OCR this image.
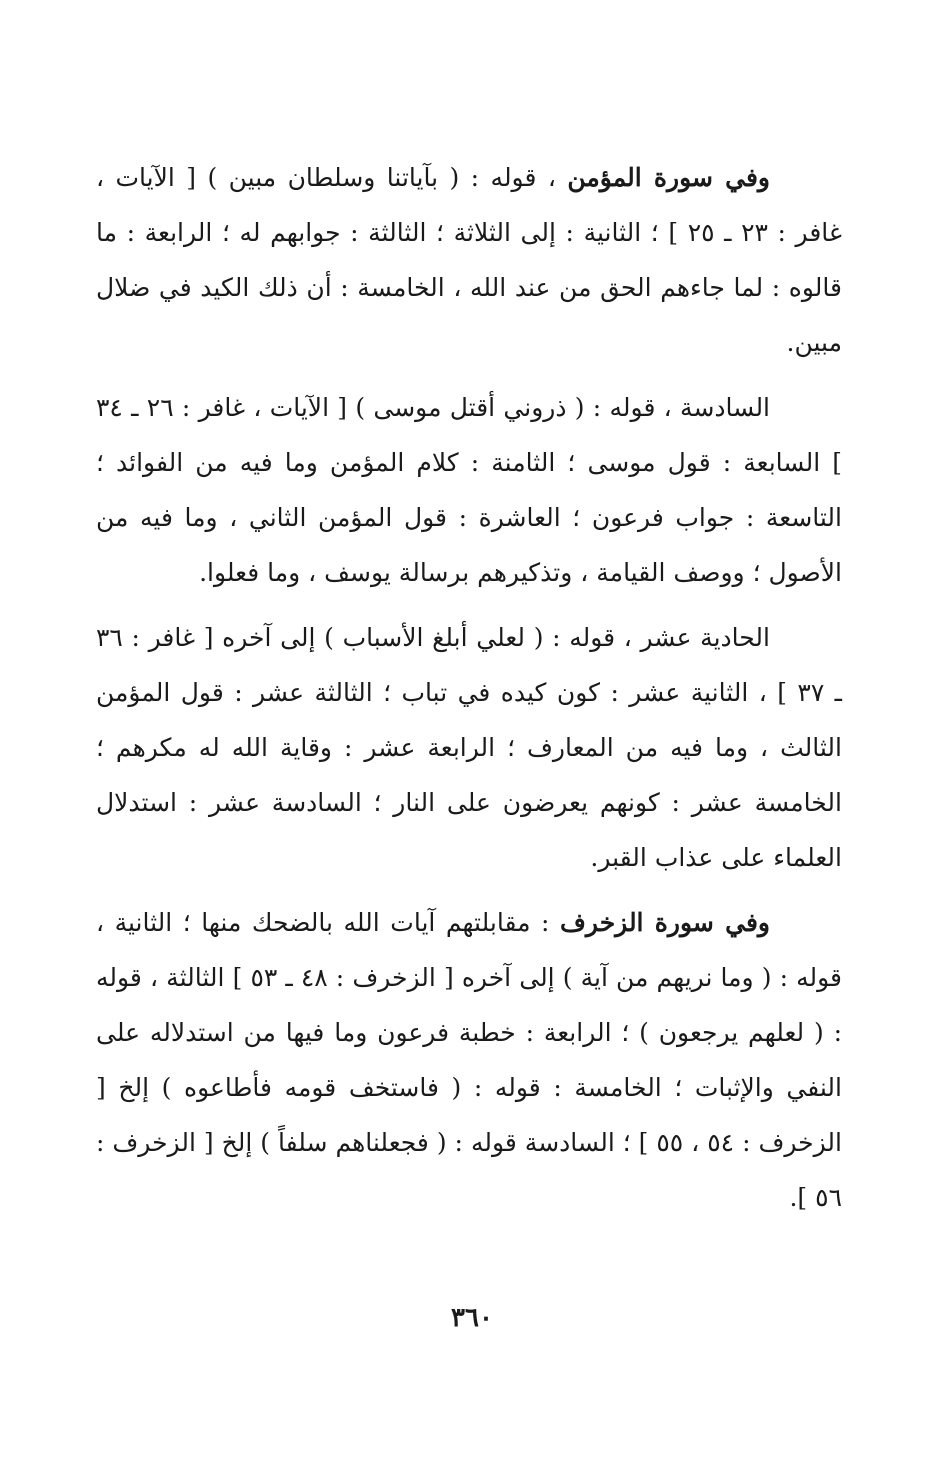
وفي سورة المؤمن ، قوله : ( بآياتنا وسلطان مبين ) [ الآيات ، غافر : ٢٣ ـ ٢٥ ] ؛ الثانية : إلى الثلاثة ؛ الثالثة : جوابهم له ؛ الرابعة : ما قالوه : لما جاءهم الحق من عند الله ، الخامسة : أن ذلك الكيد في ضلال مبين.

السادسة ، قوله : ( ذروني أقتل موسى ) [ الآيات ، غافر : ٢٦ ـ ٣٤ ] السابعة : قول موسى ؛ الثامنة : كلام المؤمن وما فيه من الفوائد ؛ التاسعة : جواب فرعون ؛ العاشرة : قول المؤمن الثاني ، وما فيه من الأصول ؛ ووصف القيامة ، وتذكيرهم برسالة يوسف ، وما فعلوا.

الحادية عشر ، قوله : ( لعلي أبلغ الأسباب ) إلى آخره [ غافر : ٣٦ ـ ٣٧ ] ، الثانية عشر : كون كيده في تباب ؛ الثالثة عشر : قول المؤمن الثالث ، وما فيه من المعارف ؛ الرابعة عشر : وقاية الله له مكرهم ؛ الخامسة عشر : كونهم يعرضون على النار ؛ السادسة عشر : استدلال العلماء على عذاب القبر.

وفي سورة الزخرف : مقابلتهم آيات الله بالضحك منها ؛ الثانية ، قوله : ( وما نريهم من آية ) إلى آخره [ الزخرف : ٤٨ ـ ٥٣ ] الثالثة ، قوله : ( لعلهم يرجعون ) ؛ الرابعة : خطبة فرعون وما فيها من استدلاله على النفي والإثبات ؛ الخامسة : قوله : ( فاستخف قومه فأطاعوه ) إلخ [ الزخرف : ٥٤ ، ٥٥ ] ؛ السادسة قوله : ( فجعلناهم سلفاً ) إلخ [ الزخرف : ٥٦ ].

٣٦٠
